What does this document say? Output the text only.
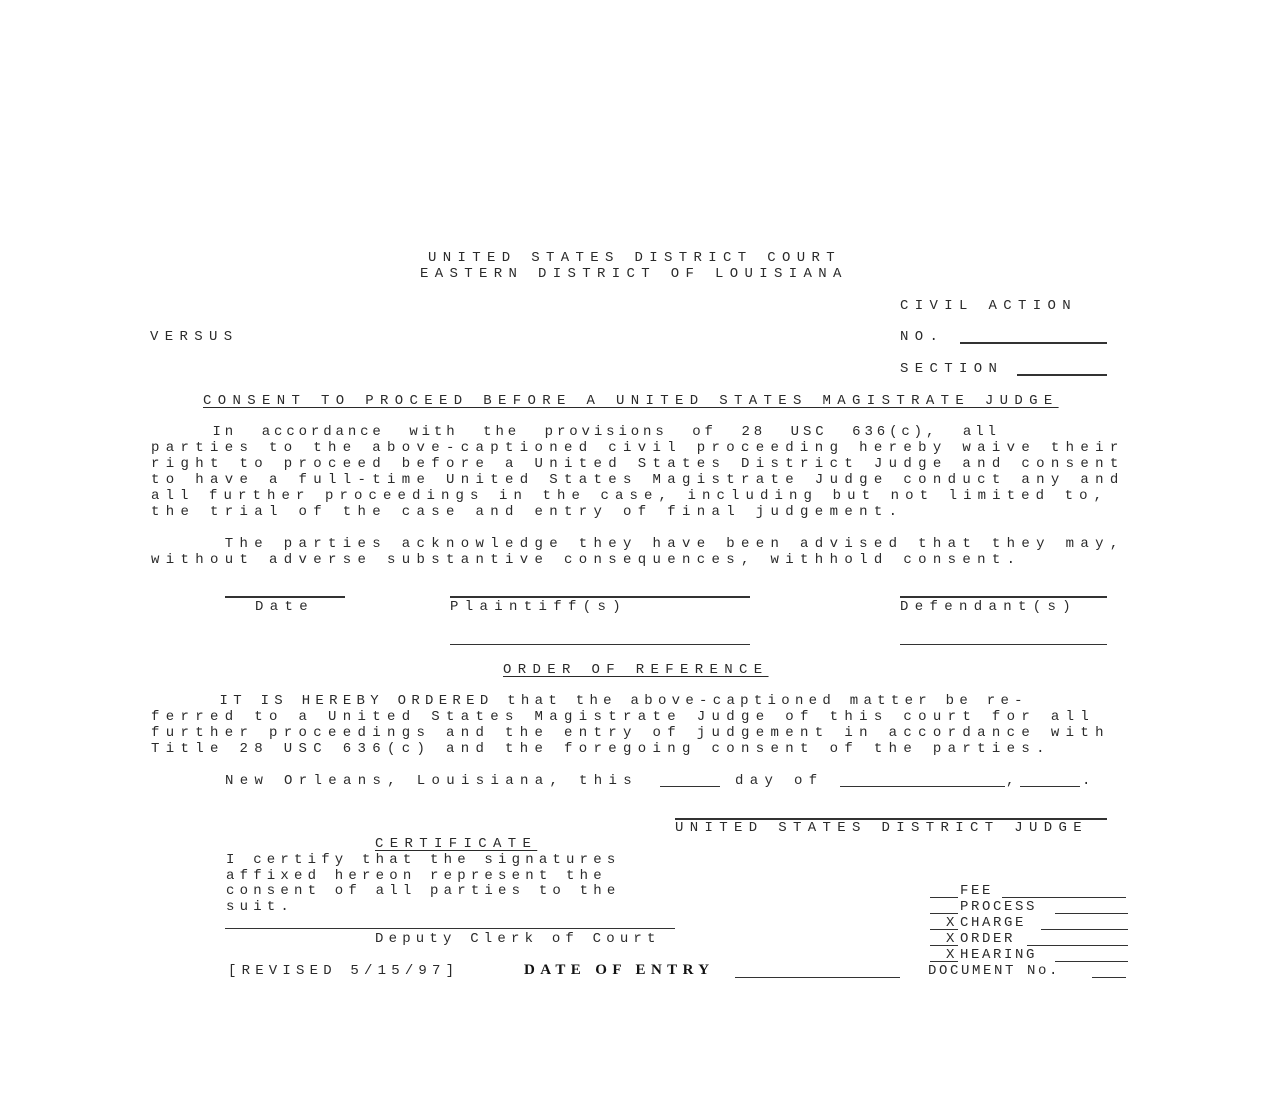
UNITED STATES DISTRICT COURT
EASTERN DISTRICT OF LOUISIANA
CIVIL ACTION
VERSUS	NO.
SECTION
CONSENT TO PROCEED BEFORE A UNITED STATES MAGISTRATE JUDGE
In  accordance  with  the  provisions  of  28  USC  636(c),  all
parties to the above-captioned civil proceeding hereby waive their
right to proceed before a United States District Judge and consent
to have a full-time United States Magistrate Judge conduct any and
all further proceedings in the case, including but not limited to,
the trial of the case and entry of final judgement.
The parties acknowledge they have been advised that they may,
without adverse substantive consequences, withhold consent.
Date	Plaintiff(s)	Defendant(s)
ORDER OF REFERENCE
IT IS HEREBY ORDERED that the above-captioned matter be re-
ferred to a United States Magistrate Judge of this court for all
further proceedings and the entry of judgement in accordance with
Title 28 USC 636(c) and the foregoing consent of the parties.
New Orleans, Louisiana, this	day of	,	.
UNITED STATES DISTRICT JUDGE
CERTIFICATE
I certify that the signatures
affixed hereon represent the
consent of all parties to the
suit.
Deputy Clerk of Court
[REVISED 5/15/97]	DATE OF ENTRY
FEE
PROCESS
X CHARGE
X ORDER
X HEARING
DOCUMENT No.
